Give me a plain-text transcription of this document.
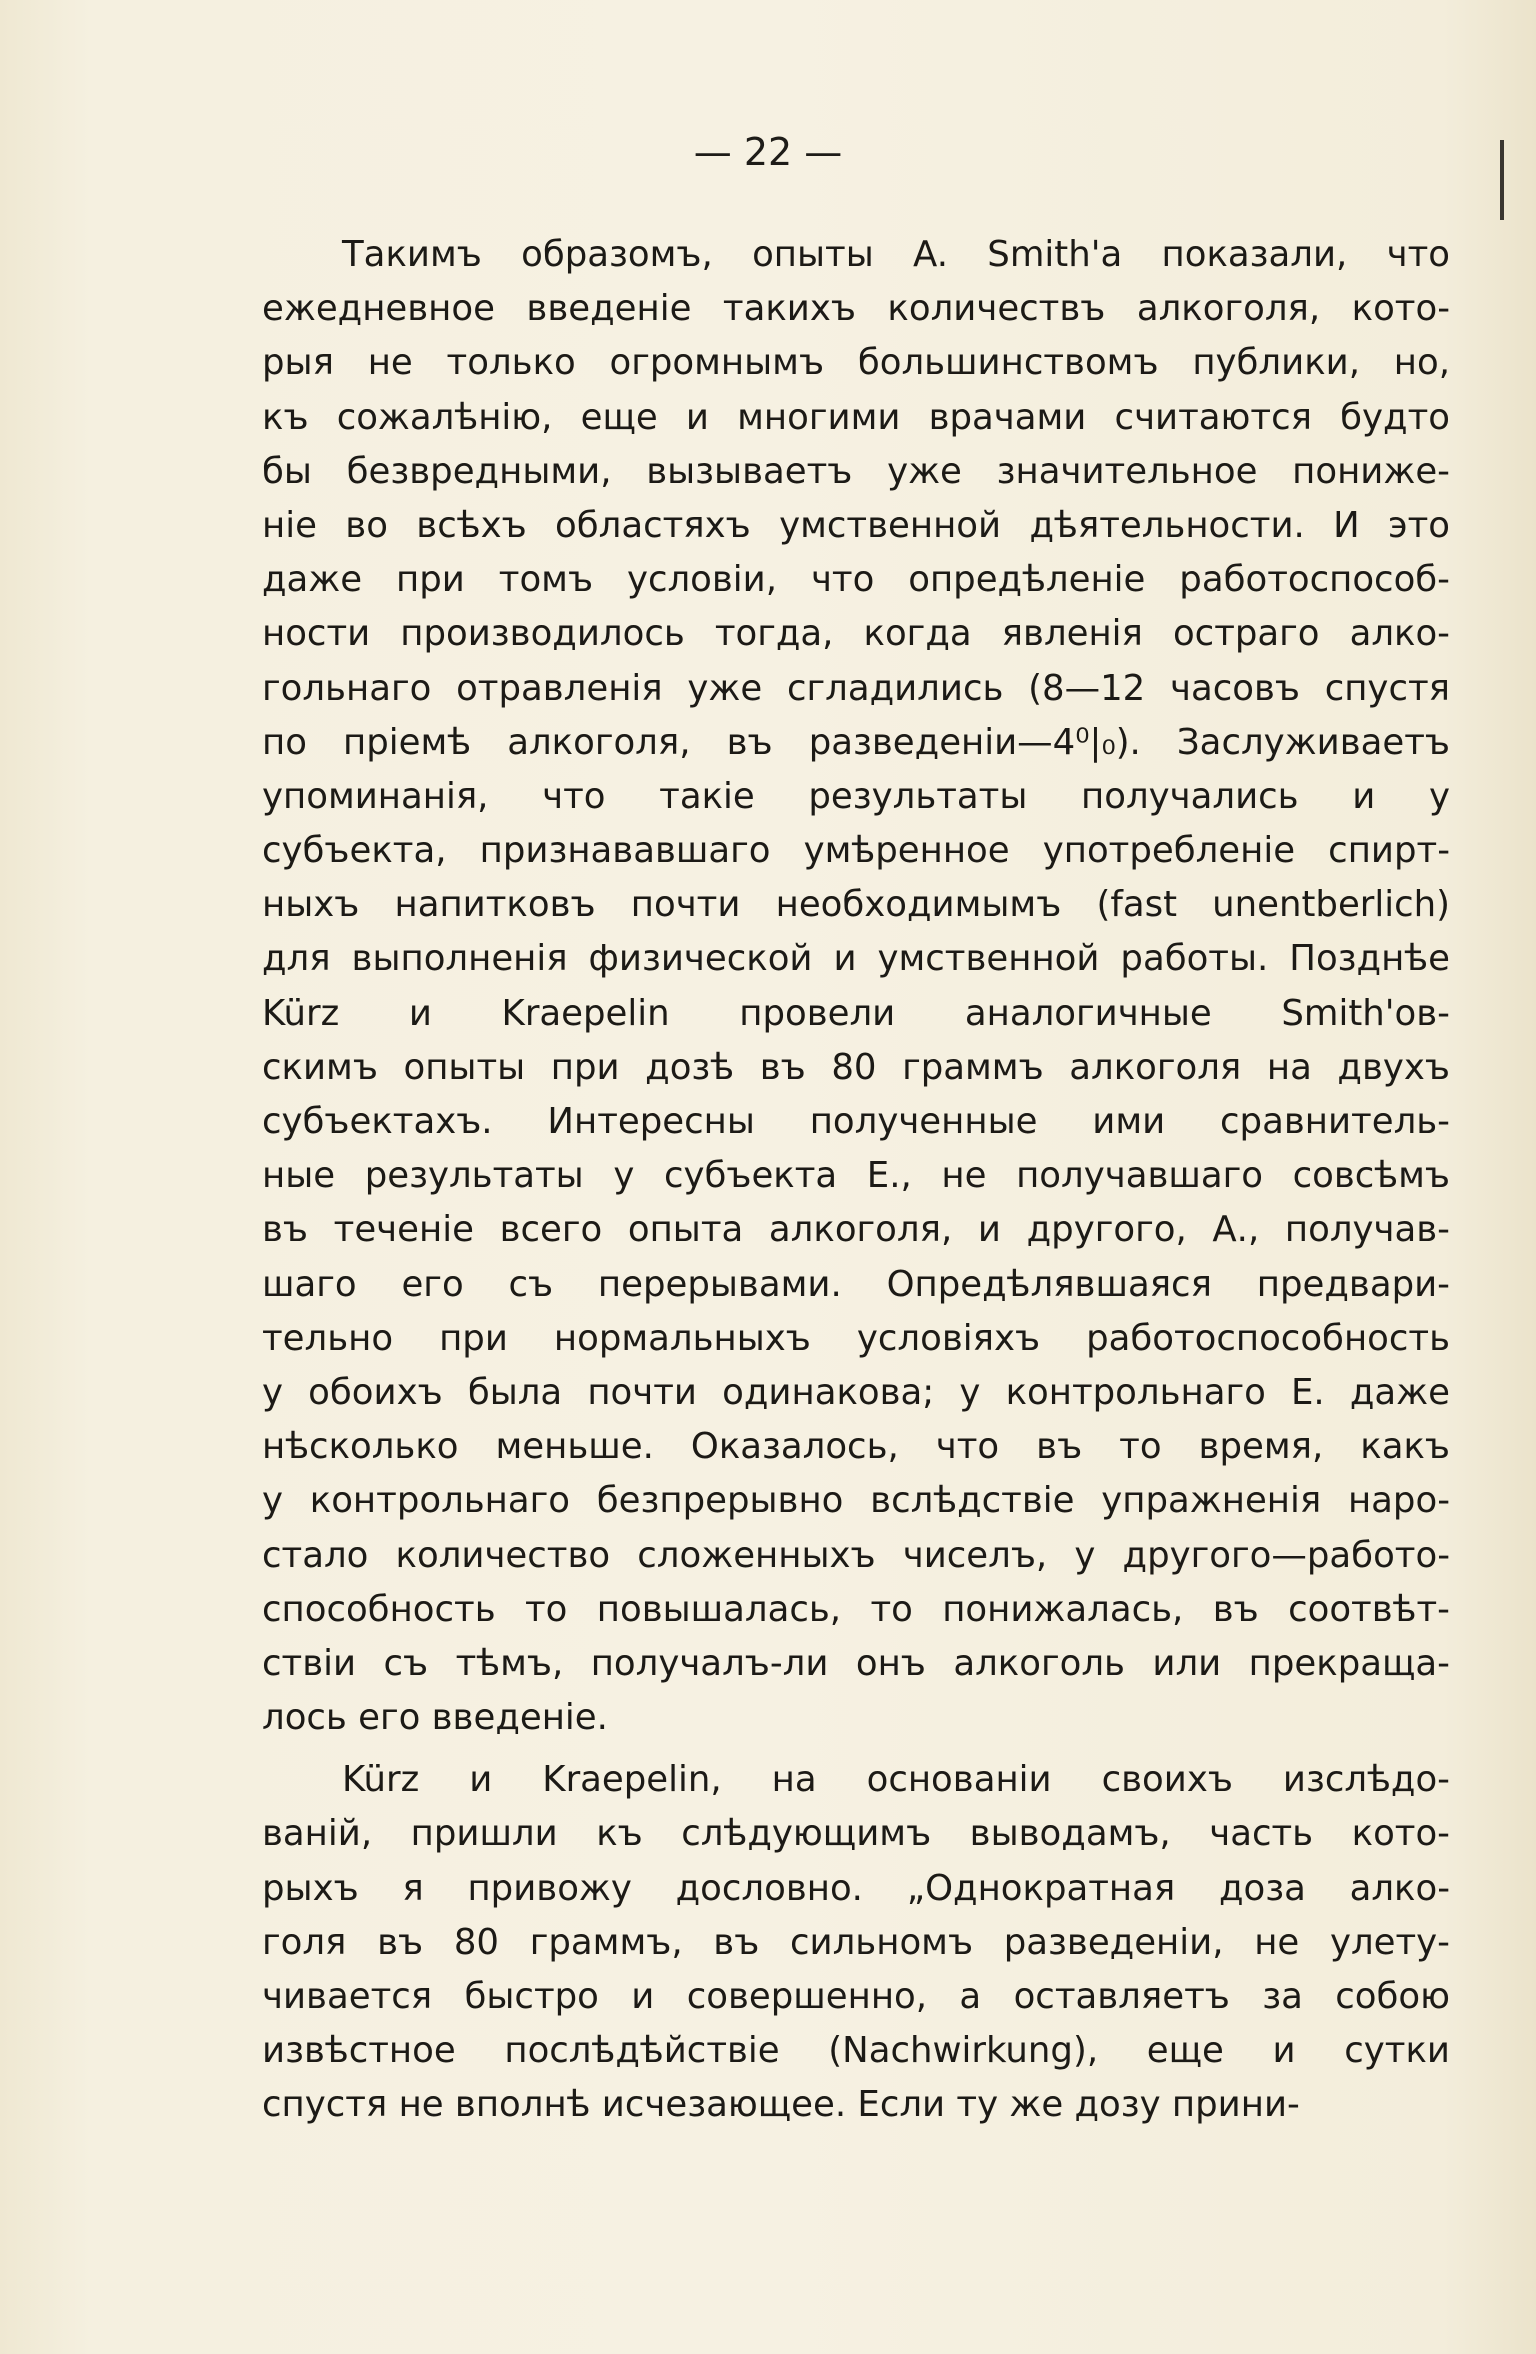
— 22 —
Такимъ образомъ, опыты A. Smith'a показали, что
ежедневное введеніе такихъ количествъ алкоголя, кото-
рыя не только огромнымъ большинствомъ публики, но,
къ сожалѣнію, еще и многими врачами считаются будто
бы безвредными, вызываетъ уже значительное пониже-
ніе во всѣхъ областяхъ умственной дѣятельности. И это
даже при томъ условіи, что опредѣленіе работоспособ-
ности производилось тогда, когда явленія остраго алко-
гольнаго отравленія уже сгладились (8—12 часовъ спустя
по пріемѣ алкоголя, въ разведеніи—4⁰|₀). Заслуживаетъ
упоминанія, что такіе результаты получались и у
субъекта, признававшаго умѣренное употребленіе спирт-
ныхъ напитковъ почти необходимымъ (fast unentberlich)
для выполненія физической и умственной работы. Позднѣе
Kürz и Kraepelin провели аналогичные Smith'ов-
скимъ опыты при дозѣ въ 80 граммъ алкоголя на двухъ
субъектахъ. Интересны полученные ими сравнитель-
ные результаты у субъекта Е., не получавшаго совсѣмъ
въ теченіе всего опыта алкоголя, и другого, А., получав-
шаго его съ перерывами. Опредѣлявшаяся предвари-
тельно при нормальныхъ условіяхъ работоспособность
у обоихъ была почти одинакова; у контрольнаго Е. даже
нѣсколько меньше. Оказалось, что въ то время, какъ
у контрольнаго безпрерывно вслѣдствіе упражненія наро-
стало количество сложенныхъ чиселъ, у другого—работо-
способность то повышалась, то понижалась, въ соотвѣт-
ствіи съ тѣмъ, получалъ-ли онъ алкоголь или прекраща-
лось его введеніе.
Kürz и Kraepelin, на основаніи своихъ изслѣдо-
ваній, пришли къ слѣдующимъ выводамъ, часть кото-
рыхъ я привожу дословно. „Однократная доза алко-
голя въ 80 граммъ, въ сильномъ разведеніи, не улету-
чивается быстро и совершенно, а оставляетъ за собою
извѣстное послѣдѣйствіе (Nachwirkung), еще и сутки
спустя не вполнѣ исчезающее. Если ту же дозу прини-
